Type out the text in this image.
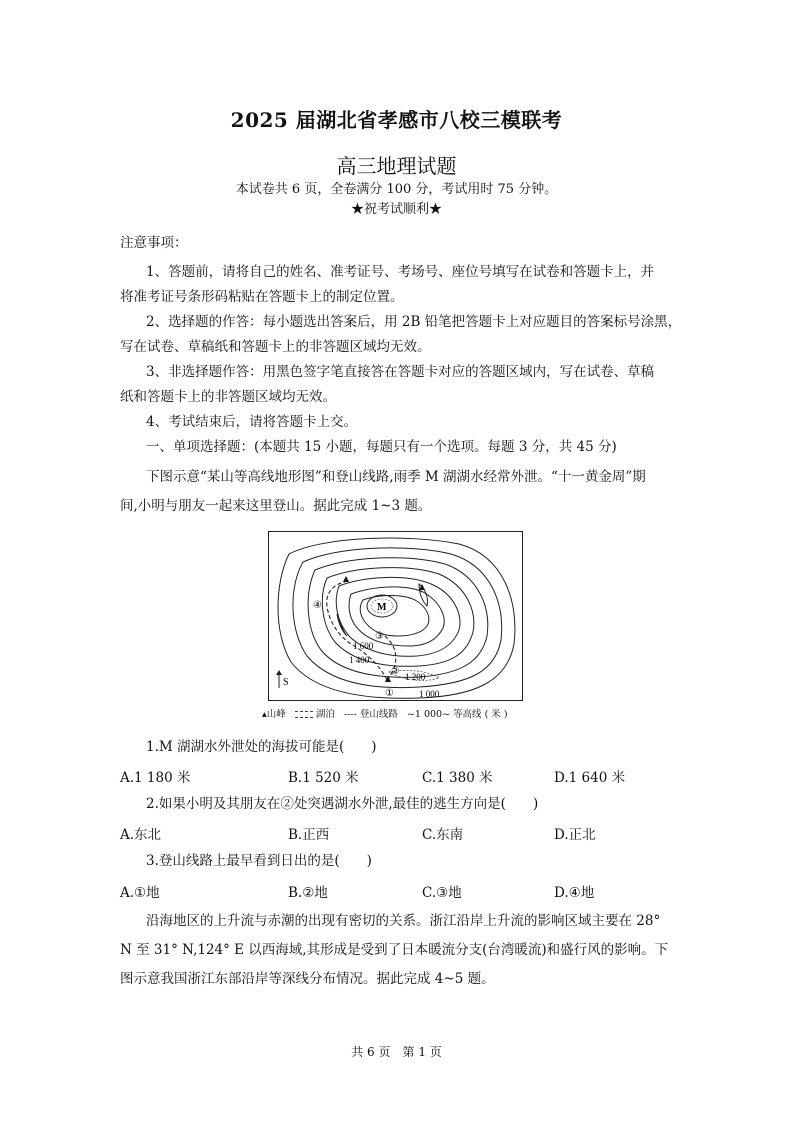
2025 届湖北省孝感市八校三模联考
高三地理试题
本试卷共 6 页，全卷满分 100 分，考试用时 75 分钟。
★祝考试顺利★
注意事项：
1、答题前，请将自己的姓名、准考证号、考场号、座位号填写在试卷和答题卡上，并
将准考证号条形码粘贴在答题卡上的制定位置。
2、选择题的作答：每小题选出答案后，用 2B 铅笔把答题卡上对应题目的答案标号涂黑，
写在试卷、草稿纸和答题卡上的非答题区域均无效。
3、非选择题作答：用黑色签字笔直接答在答题卡对应的答题区域内，写在试卷、草稿
纸和答题卡上的非答题区域均无效。
4、考试结束后，请将答题卡上交。
一、单项选择题：(本题共 15 小题，每题只有一个选项。每题 3 分，共 45 分)
下图示意“某山等高线地形图”和登山线路,雨季 M 湖湖水经常外泄。“十一黄金周”期
间,小明与朋友一起来这里登山。据此完成 1~3 题。
S
M
1 600
1 400
1 200
1 000
①
②
③
④
▴山峰	湖泊 ---- 登山线路 ~1 000~ 等高线 ( 米 )
1.M 湖湖水外泄处的海拔可能是(　　)
A.1 180 米	B.1 520 米	C.1 380 米	D.1 640 米
2.如果小明及其朋友在②处突遇湖水外泄,最佳的逃生方向是(　　)
A.东北	B.正西	C.东南	D.正北
3.登山线路上最早看到日出的是(　　)
A.①地	B.②地	C.③地	D.④地
沿海地区的上升流与赤潮的出现有密切的关系。浙江沿岸上升流的影响区域主要在 28°
N 至 31° N,124° E 以西海域,其形成是受到了日本暖流分支(台湾暖流)和盛行风的影响。下
图示意我国浙江东部沿岸等深线分布情况。据此完成 4~5 题。
共 6 页　第 1 页
